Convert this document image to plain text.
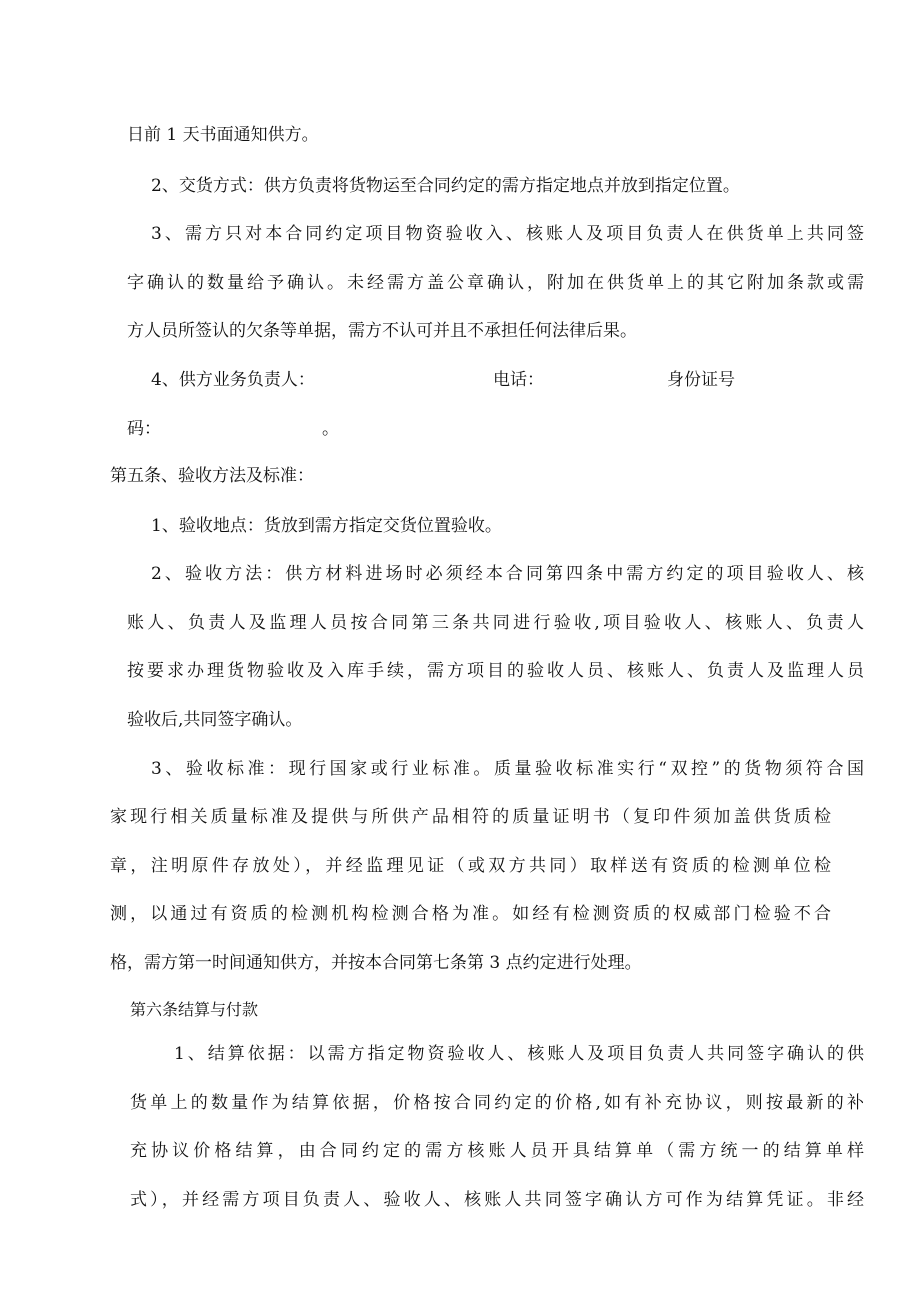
日前 1 天书面通知供方。
2、交货方式：供方负责将货物运至合同约定的需方指定地点并放到指定位置。
3、需方只对本合同约定项目物资验收入、核账人及项目负责人在供货单上共同签
字确认的数量给予确认。未经需方盖公章确认，附加在供货单上的其它附加条款或需
方人员所签认的欠条等单据，需方不认可并且不承担任何法律后果。
4、供方业务负责人：	电话：	身份证号
码：	。
第五条、验收方法及标准：
1、验收地点：货放到需方指定交货位置验收。
2、验收方法：供方材料进场时必须经本合同第四条中需方约定的项目验收人、核
账人、负责人及监理人员按合同第三条共同进行验收,项目验收人、核账人、负责人
按要求办理货物验收及入库手续，需方项目的验收人员、核账人、负责人及监理人员
验收后,共同签字确认。
3、验收标准：现行国家或行业标准。质量验收标准实行“双控”的货物须符合国
家现行相关质量标准及提供与所供产品相符的质量证明书（复印件须加盖供货质检
章，注明原件存放处），并经监理见证（或双方共同）取样送有资质的检测单位检
测，以通过有资质的检测机构检测合格为准。如经有检测资质的权威部门检验不合
格，需方第一时间通知供方，并按本合同第七条第 3 点约定进行处理。
第六条结算与付款
1、结算依据：以需方指定物资验收人、核账人及项目负责人共同签字确认的供
货单上的数量作为结算依据，价格按合同约定的价格,如有补充协议，则按最新的补
充协议价格结算，由合同约定的需方核账人员开具结算单（需方统一的结算单样
式），并经需方项目负责人、验收人、核账人共同签字确认方可作为结算凭证。非经
